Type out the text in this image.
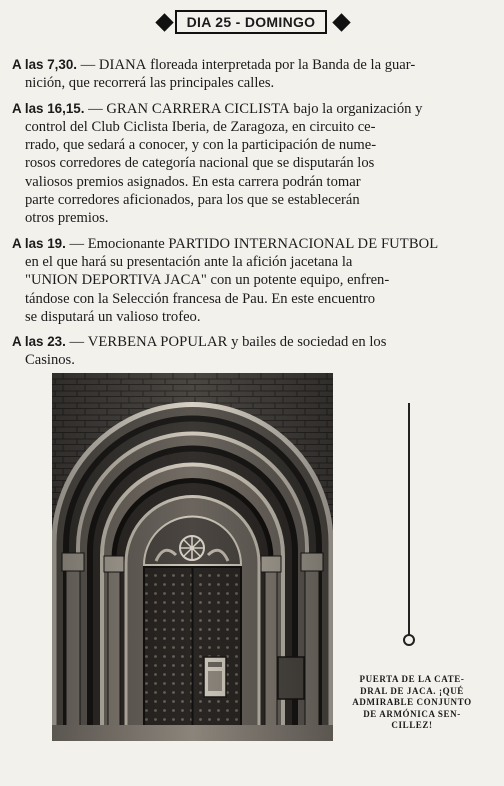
DIA 25 - DOMINGO
A las 7,30. — DIANA floreada interpretada por la Banda de la guar-
nición, que recorrerá las principales calles.
A las 16,15. — GRAN CARRERA CICLISTA bajo la organización y
control del Club Ciclista Iberia, de Zaragoza, en circuito ce-
rrado, que sedará a conocer, y con la participación de nume-
rosos corredores de categoría nacional que se disputarán los
valiosos premios asignados. En esta carrera podrán tomar
parte corredores aficionados, para los que se establecerán
otros premios.
A las 19. — Emocionante PARTIDO INTERNACIONAL DE FUTBOL
en el que hará su presentación ante la afición jacetana la
"UNION DEPORTIVA JACA" con un potente equipo, enfren-
tándose con la Selección francesa de Pau. En este encuentro
se disputará un valioso trofeo.
A las 23. — VERBENA POPULAR y bailes de sociedad en los
Casinos.
PUERTA DE LA CATE-
DRAL DE JACA. ¡QUÉ
ADMIRABLE CONJUNTO
DE ARMÓNICA SEN-
CILLEZ!
